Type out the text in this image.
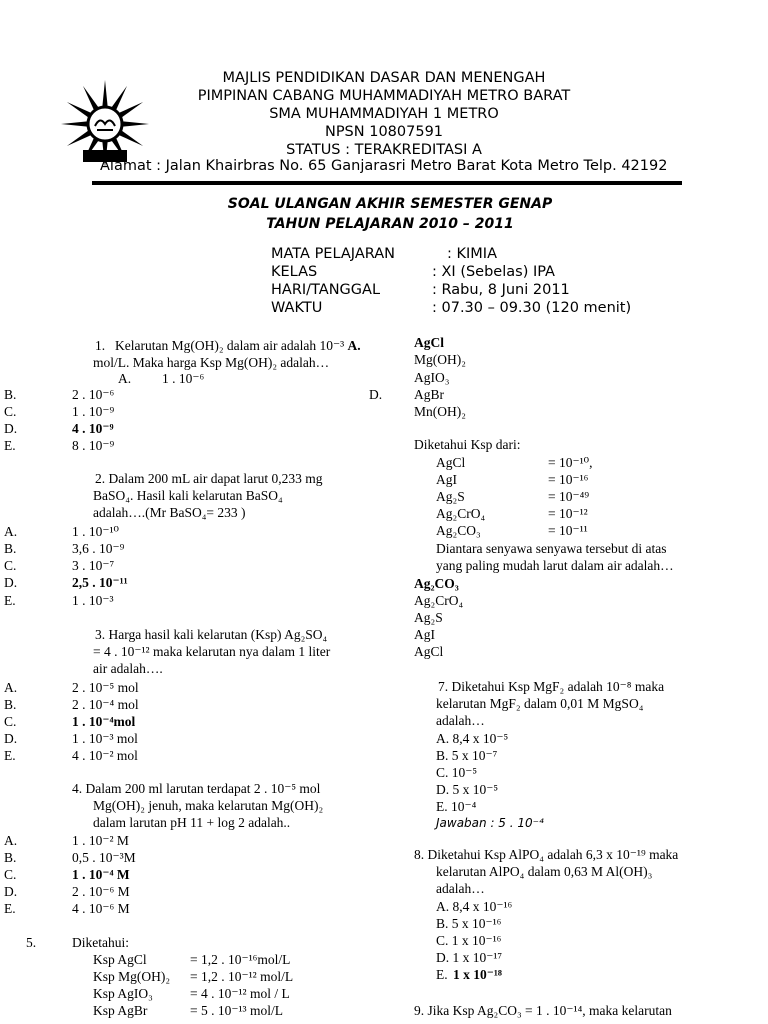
MAJLIS PENDIDIKAN DASAR DAN MENENGAH
PIMPINAN CABANG MUHAMMADIYAH METRO BARAT
SMA MUHAMMADIYAH 1 METRO
NPSN 10807591
STATUS : TERAKREDITASI A
Alamat : Jalan Khairbras No. 65 Ganjarasri Metro Barat Kota Metro Telp. 42192
SOAL ULANGAN AKHIR SEMESTER GENAP
TAHUN PELAJARAN 2010 – 2011
MATA PELAJARAN	: KIMIA
KELAS	: XI (Sebelas) IPA
HARI/TANGGAL	: Rabu, 8 Juni 2011
WAKTU	: 07.30 – 09.30 (120 menit)
1. Kelarutan Mg(OH)₂ dalam air adalah 10⁻³ A.
mol/L. Maka harga Ksp Mg(OH)₂ adalah…
A. 1 . 10⁻⁶
B.	2 . 10⁻⁶
C.	1 . 10⁻⁹
D.	4 . 10⁻⁹
E.	8 . 10⁻⁹
2. Dalam 200 mL air dapat larut 0,233 mg
BaSO₄. Hasil kali kelarutan BaSO₄
adalah….(Mr BaSO₄= 233 )
A.	1 . 10⁻¹⁰
B.	3,6 . 10⁻⁹
C.	3 . 10⁻⁷
D.	2,5 . 10⁻¹¹
E.	1 . 10⁻³
3. Harga hasil kali kelarutan (Ksp) Ag₂SO₄
= 4 . 10⁻¹² maka kelarutan nya dalam 1 liter
air adalah….
A.	2 . 10⁻⁵ mol
B.	2 . 10⁻⁴ mol
C.	1 . 10⁻⁴mol
D.	1 . 10⁻³ mol
E.	4 . 10⁻² mol
4. Dalam 200 ml larutan terdapat 2 . 10⁻⁵ mol
Mg(OH)₂ jenuh, maka kelarutan Mg(OH)₂
dalam larutan pH 11 + log 2 adalah..
A.	1 . 10⁻² M
B.	0,5 . 10⁻³M
C.	1 . 10⁻⁴ M
D.	2 . 10⁻⁶ M
E.	4 . 10⁻⁶ M
5.	Diketahui:
Ksp AgCl	= 1,2 . 10⁻¹⁶mol/L
Ksp Mg(OH)₂ = 1,2 . 10⁻¹² mol/L
Ksp AgIO₃	= 4 . 10⁻¹² mol / L
Ksp AgBr	= 5 . 10⁻¹³ mol/L
AgCl
Mg(OH)₂
AgIO₃
D. AgBr
Mn(OH)₂
Diketahui Ksp dari:
AgCl	= 10⁻¹⁰,
AgI	= 10⁻¹⁶
Ag₂S	= 10⁻⁴⁹
Ag₂CrO₄	= 10⁻¹²
Ag₂CO₃	= 10⁻¹¹
Diantara senyawa senyawa tersebut di atas
yang paling mudah larut dalam air adalah…
Ag₂CO₃
Ag₂CrO₄
Ag₂S
AgI
AgCl
7. Diketahui Ksp MgF₂ adalah 10⁻⁸ maka
kelarutan MgF₂ dalam 0,01 M MgSO₄
adalah…
A. 8,4 x 10⁻⁵
B. 5 x 10⁻⁷
C. 10⁻⁵
D. 5 x 10⁻⁵
E. 10⁻⁴
Jawaban : 5 . 10⁻⁴
8. Diketahui Ksp AlPO₄ adalah 6,3 x 10⁻¹⁹ maka
kelarutan AlPO₄ dalam 0,63 M Al(OH)₃
adalah…
A. 8,4 x 10⁻¹⁶
B. 5 x 10⁻¹⁶
C. 1 x 10⁻¹⁶
D. 1 x 10⁻¹⁷
E. 1 x 10⁻¹⁸
9. Jika Ksp Ag₂CO₃ = 1 . 10⁻¹⁴, maka kelarutan
